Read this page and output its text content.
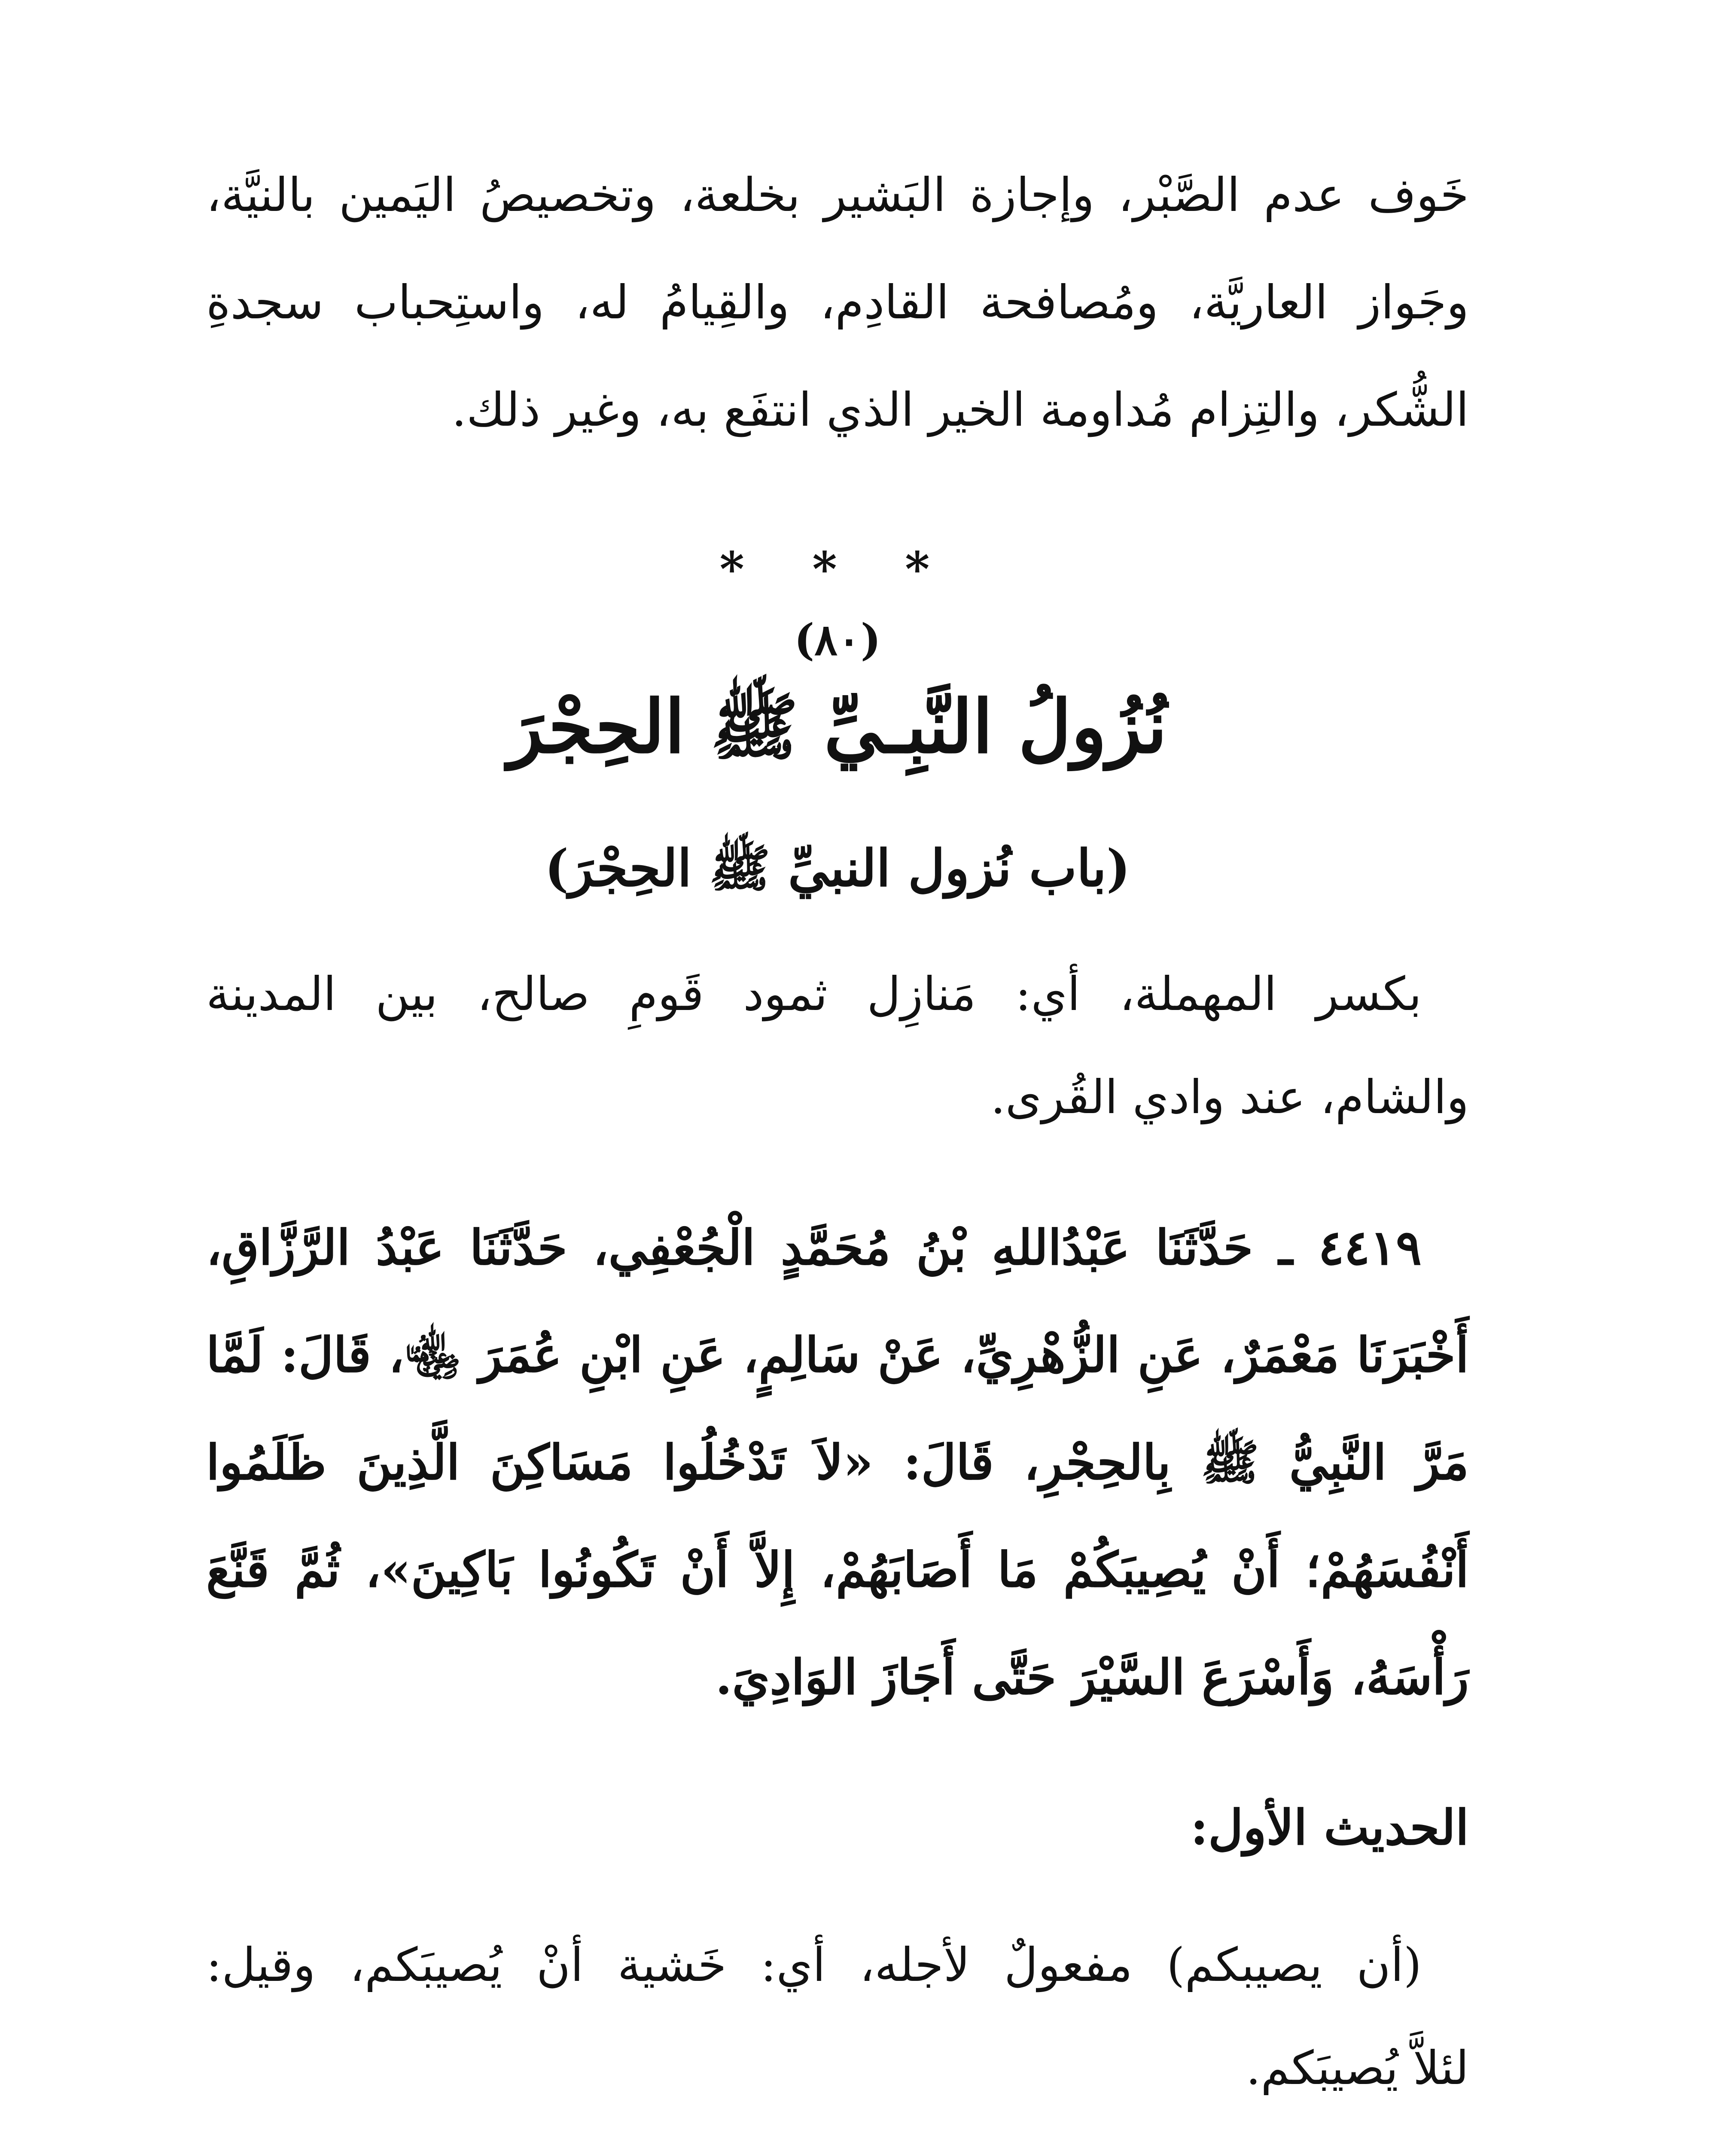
خَوف عدم الصَّبْر، وإجازة البَشير بخلعة، وتخصيصُ اليَمين بالنيَّة،
وجَواز العاريَّة، ومُصافحة القادِم، والقِيامُ له، واستِحباب سجدةِ
الشُّكر، والتِزام مُداومة الخير الذي انتفَع به، وغير ذلك.
* * *
(٨٠)
نُزُولُ النَّبِـيِّ ﷺ الحِجْرَ
(باب نُزول النبيِّ ﷺ الحِجْرَ)
بكسر المهملة، أي: مَنازِل ثمود قَومِ صالح، بين المدينة
والشام، عند وادي القُرى.
٤٤١٩ ـ حَدَّثَنَا عَبْدُاللهِ بْنُ مُحَمَّدٍ الْجُعْفِي، حَدَّثَنَا عَبْدُ الرَّزَّاقِ،
أَخْبَرَنَا مَعْمَرٌ، عَنِ الزُّهْرِيِّ، عَنْ سَالِمٍ، عَنِ ابْنِ عُمَرَ ﵄، قَالَ: لَمَّا
مَرَّ النَّبِيُّ ﷺ بِالحِجْرِ، قَالَ: «لاَ تَدْخُلُوا مَسَاكِنَ الَّذِينَ ظَلَمُوا
أَنْفُسَهُمْ؛ أَنْ يُصِيبَكُمْ مَا أَصَابَهُمْ، إِلاَّ أَنْ تَكُونُوا بَاكِينَ»، ثُمَّ قَنَّعَ
رَأْسَهُ، وَأَسْرَعَ السَّيْرَ حَتَّى أَجَازَ الوَادِيَ.
الحديث الأول:
(أن يصيبكم) مفعولٌ لأجله، أي: خَشية أنْ يُصيبَكم، وقيل:
لئلاَّ يُصيبَكم.
